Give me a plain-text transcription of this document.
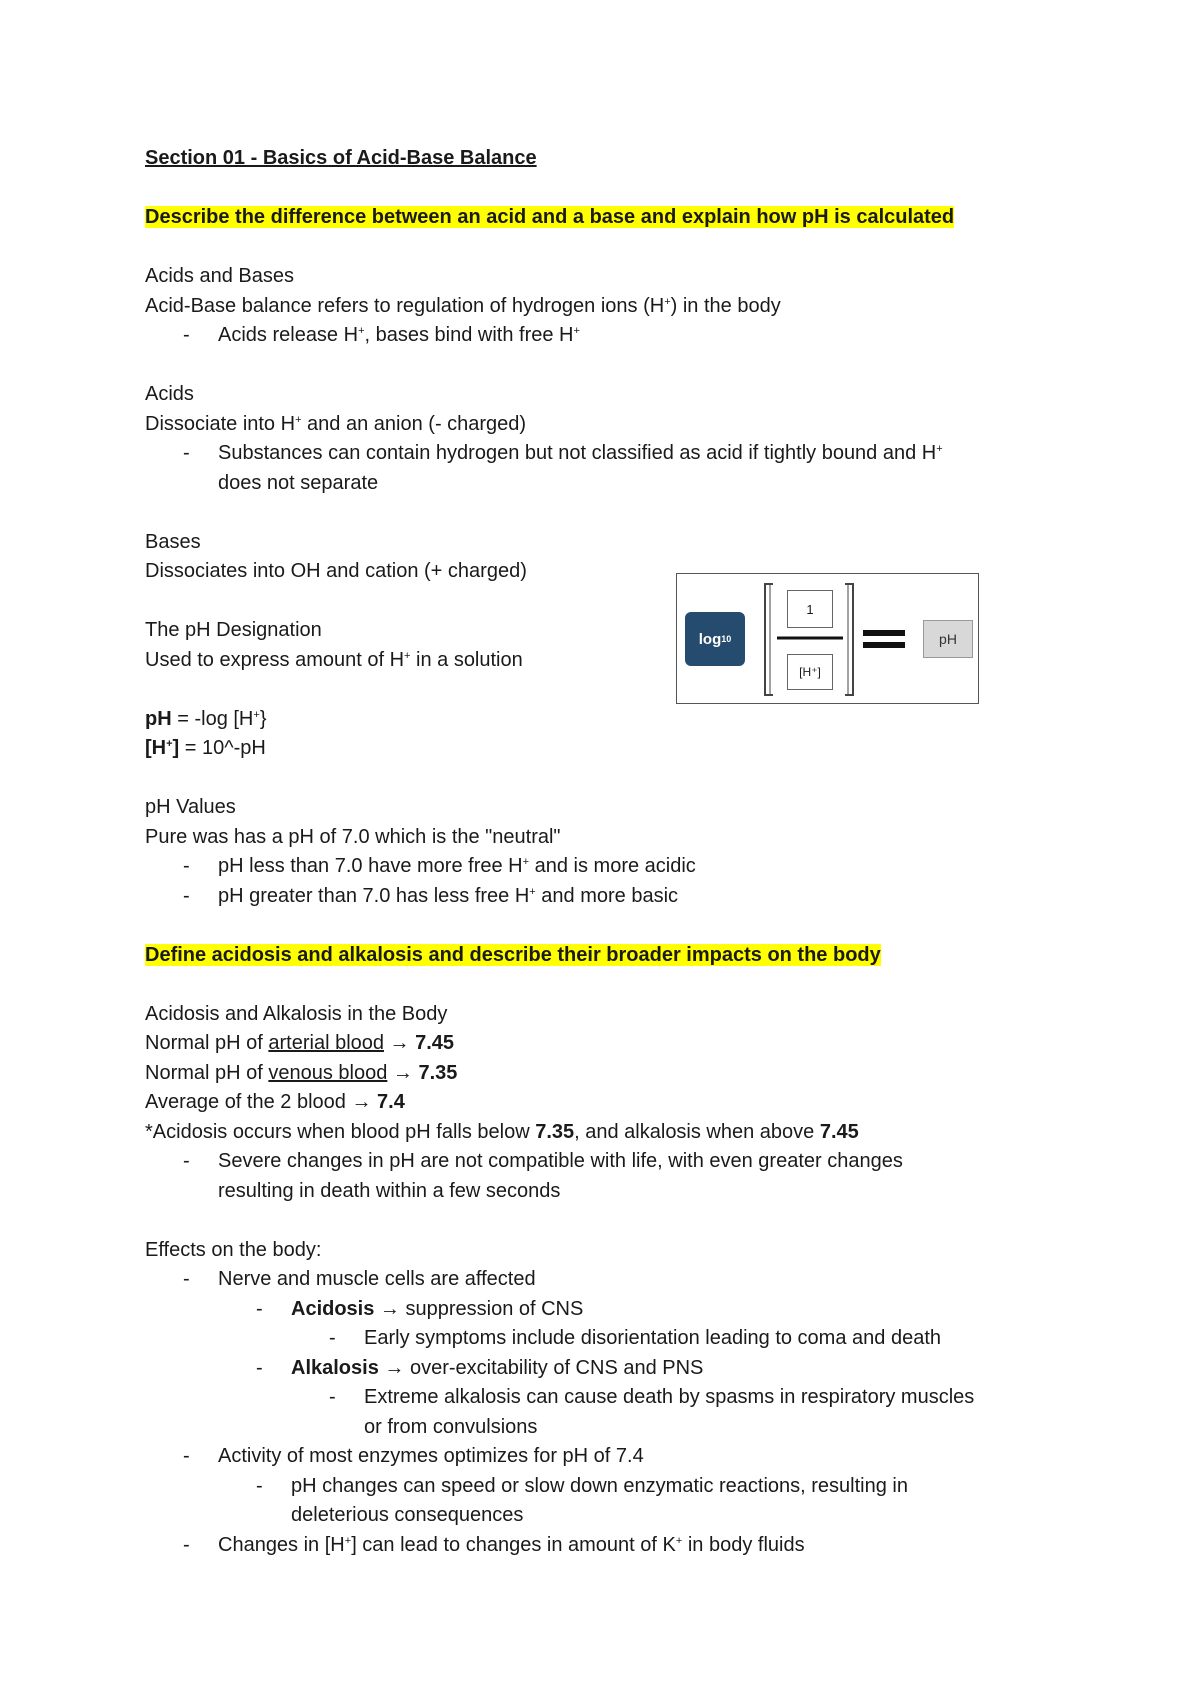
Section 01 - Basics of Acid-Base Balance
Describe the difference between an acid and a base and explain how pH is calculated
Acids and Bases
Acid-Base balance refers to regulation of hydrogen ions (H+) in the body
- Acids release H+, bases bind with free H+
Acids
Dissociate into H+ and an anion (- charged)
- Substances can contain hydrogen but not classified as acid if tightly bound and H+
does not separate
Bases
Dissociates into OH and cation (+ charged)
The pH Designation
Used to express amount of H+ in a solution
pH = -log [H+}
[H+] = 10^-pH
pH Values
Pure was has a pH of 7.0 which is the "neutral"
- pH less than 7.0 have more free H+ and is more acidic
- pH greater than 7.0 has less free H+ and more basic
Define acidosis and alkalosis and describe their broader impacts on the body
Acidosis and Alkalosis in the Body
Normal pH of arterial blood → 7.45
Normal pH of venous blood → 7.35
Average of the 2 blood → 7.4
*Acidosis occurs when blood pH falls below 7.35, and alkalosis when above 7.45
- Severe changes in pH are not compatible with life, with even greater changes
resulting in death within a few seconds
Effects on the body:
- Nerve and muscle cells are affected
- Acidosis → suppression of CNS
- Early symptoms include disorientation leading to coma and death
- Alkalosis → over-excitability of CNS and PNS
- Extreme alkalosis can cause death by spasms in respiratory muscles
or from convulsions
- Activity of most enzymes optimizes for pH of 7.4
- pH changes can speed or slow down enzymatic reactions, resulting in
deleterious consequences
- Changes in [H+] can lead to changes in amount of K+ in body fluids
log 10
1
[H⁺]
pH
